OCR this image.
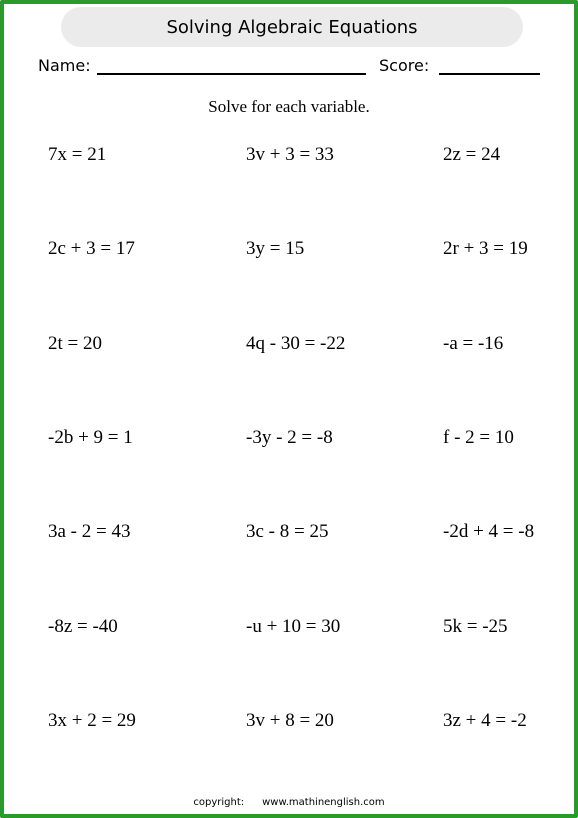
Solving Algebraic Equations
Name:	Score:
Solve for each variable.
7x = 21	3v + 3 = 33	2z = 24
2c + 3 = 17	3y = 15	2r + 3 = 19
2t = 20	4q - 30 = -22	-a = -16
-2b + 9 = 1	-3y - 2 = -8	f - 2 = 10
3a - 2 = 43	3c - 8 = 25	-2d + 4 = -8
-8z = -40	-u + 10 = 30	5k = -25
3x + 2 = 29	3v + 8 = 20	3z + 4 = -2
copyright: www.mathinenglish.com
